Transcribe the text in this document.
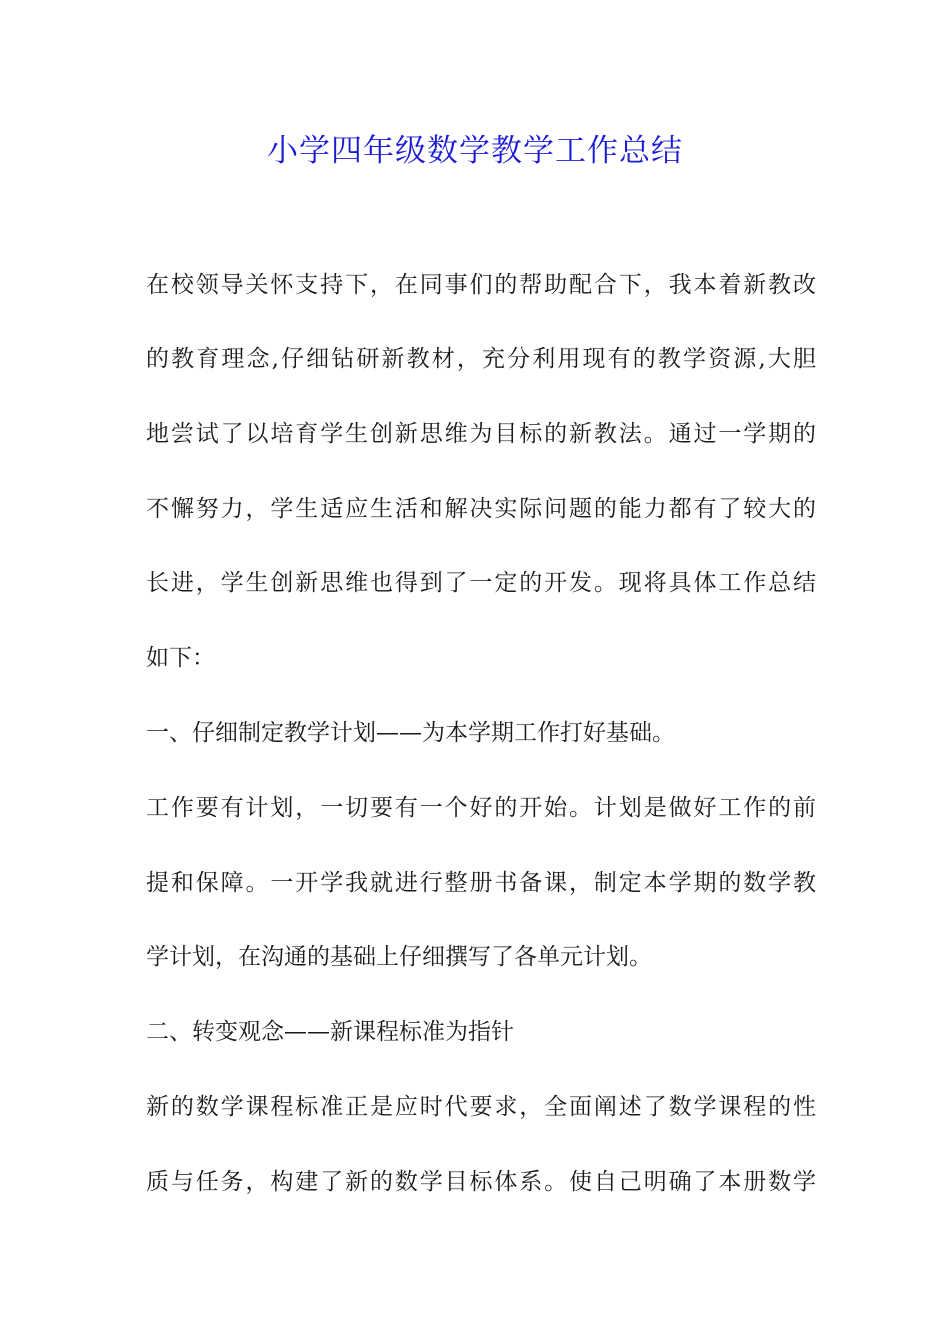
小学四年级数学教学工作总结
在校领导关怀支持下，在同事们的帮助配合下，我本着新教改
的教育理念,仔细钻研新教材，充分利用现有的教学资源,大胆
地尝试了以培育学生创新思维为目标的新教法。通过一学期的
不懈努力，学生适应生活和解决实际问题的能力都有了较大的
长进，学生创新思维也得到了一定的开发。现将具体工作总结
如下：
一、仔细制定教学计划——为本学期工作打好基础。
工作要有计划，一切要有一个好的开始。计划是做好工作的前
提和保障。一开学我就进行整册书备课，制定本学期的数学教
学计划，在沟通的基础上仔细撰写了各单元计划。
二、转变观念——新课程标准为指针
新的数学课程标准正是应时代要求，全面阐述了数学课程的性
质与任务，构建了新的数学目标体系。使自己明确了本册数学
